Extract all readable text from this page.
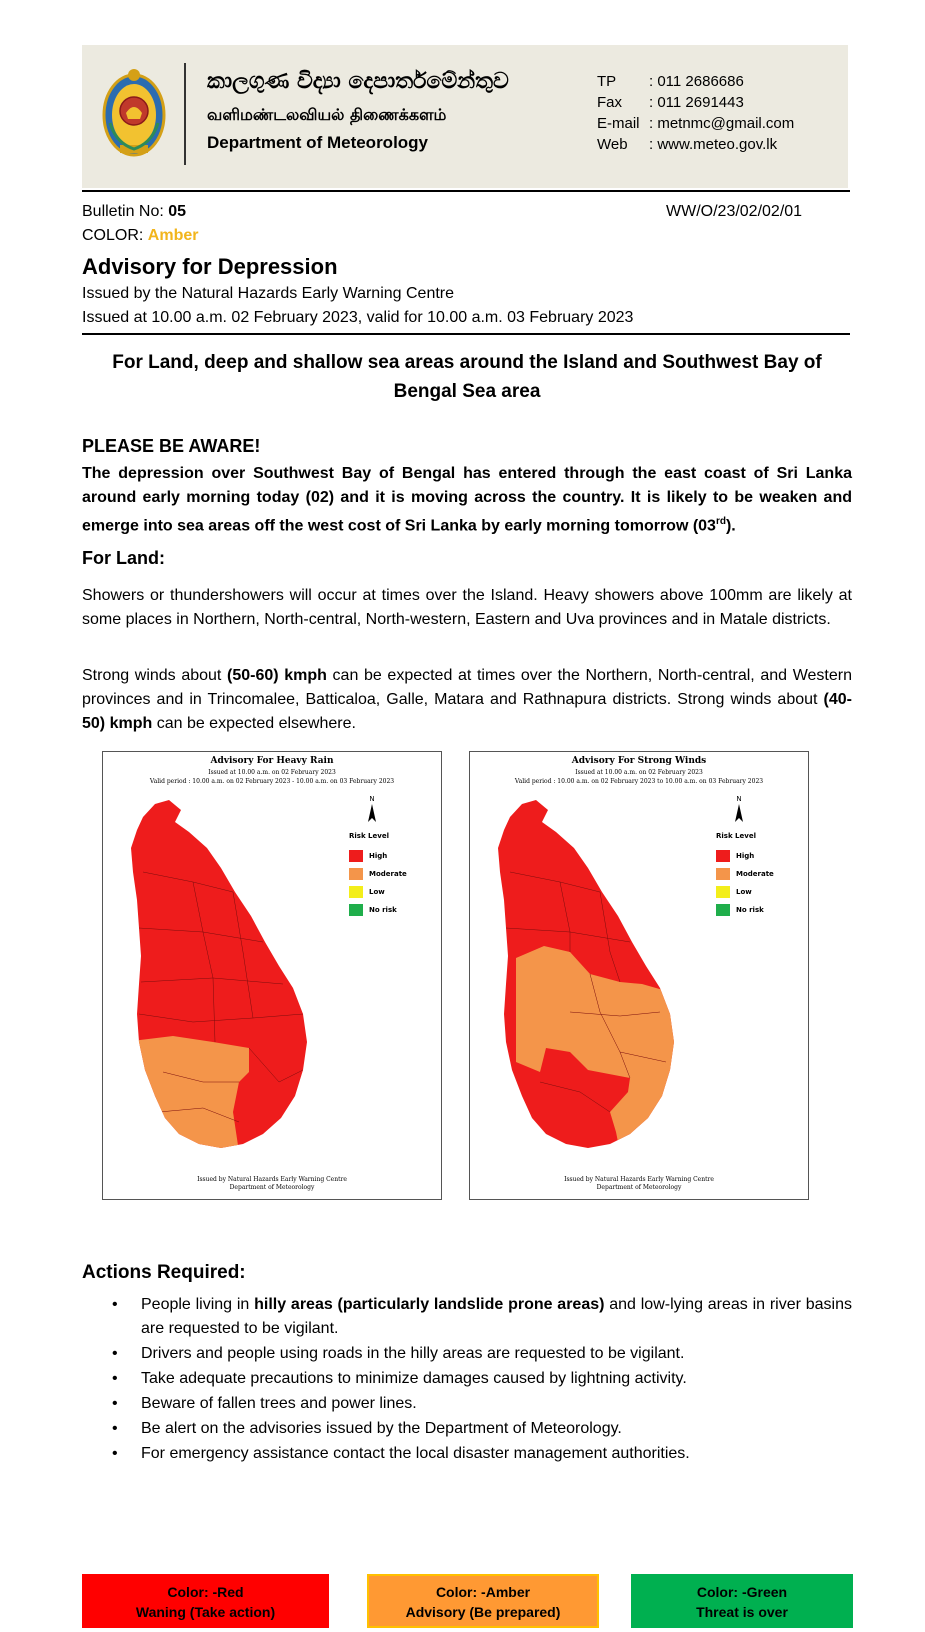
කාලගුණ විද්‍යා දෙපාර්තමේන්තුව
வளிமண்டலவியல் திணைக்களம்
Department of Meteorology
TP	: 011 2686686
Fax	: 011 2691443
E-mail : metnmc@gmail.com
Web	: www.meteo.gov.lk
Bulletin No: 05	WW/O/23/02/02/01
COLOR: Amber
Advisory for Depression
Issued by the Natural Hazards Early Warning Centre
Issued at 10.00 a.m. 02 February 2023, valid for 10.00 a.m. 03 February 2023
For Land, deep and shallow sea areas around the Island and Southwest Bay of
Bengal Sea area
PLEASE BE AWARE!
The depression over Southwest Bay of Bengal has entered through the east coast of Sri Lanka around early morning today (02) and it is moving across the country. It is likely to be weaken and emerge into sea areas off the west cost of Sri Lanka by early morning tomorrow (03rd).
For Land:
Showers or thundershowers will occur at times over the Island. Heavy showers above 100mm are likely at some places in Northern, North-central, North-western, Eastern and Uva provinces and in Matale districts.
Strong winds about (50-60) kmph can be expected at times over the Northern, North-central, and Western provinces and in Trincomalee, Batticaloa, Galle, Matara and Rathnapura districts. Strong winds about (40-50) kmph can be expected elsewhere.
Advisory For Heavy Rain
Issued at 10.00 a.m. on 02 February 2023
Valid period : 10.00 a.m. on 02 February 2023 - 10.00 a.m. on 03 February 2023
N
Risk Level
High
Moderate
Low
No risk
Issued by Natural Hazards Early Warning Centre
Department of Meteorology
Advisory For Strong Winds
Issued at 10.00 a.m. on 02 February 2023
Valid period : 10.00 a.m. on 02 February 2023 to 10.00 a.m. on 03 February 2023
N
Risk Level
High
Moderate
Low
No risk
Issued by Natural Hazards Early Warning Centre
Department of Meteorology
Actions Required:
• People living in hilly areas (particularly landslide prone areas) and low-lying areas in river basins are requested to be vigilant.
• Drivers and people using roads in the hilly areas are requested to be vigilant.
• Take adequate precautions to minimize damages caused by lightning activity.
• Beware of fallen trees and power lines.
• Be alert on the advisories issued by the Department of Meteorology.
• For emergency assistance contact the local disaster management authorities.
Color: -Red
Waning (Take action)
Color: -Amber
Advisory (Be prepared)
Color: -Green
Threat is over
